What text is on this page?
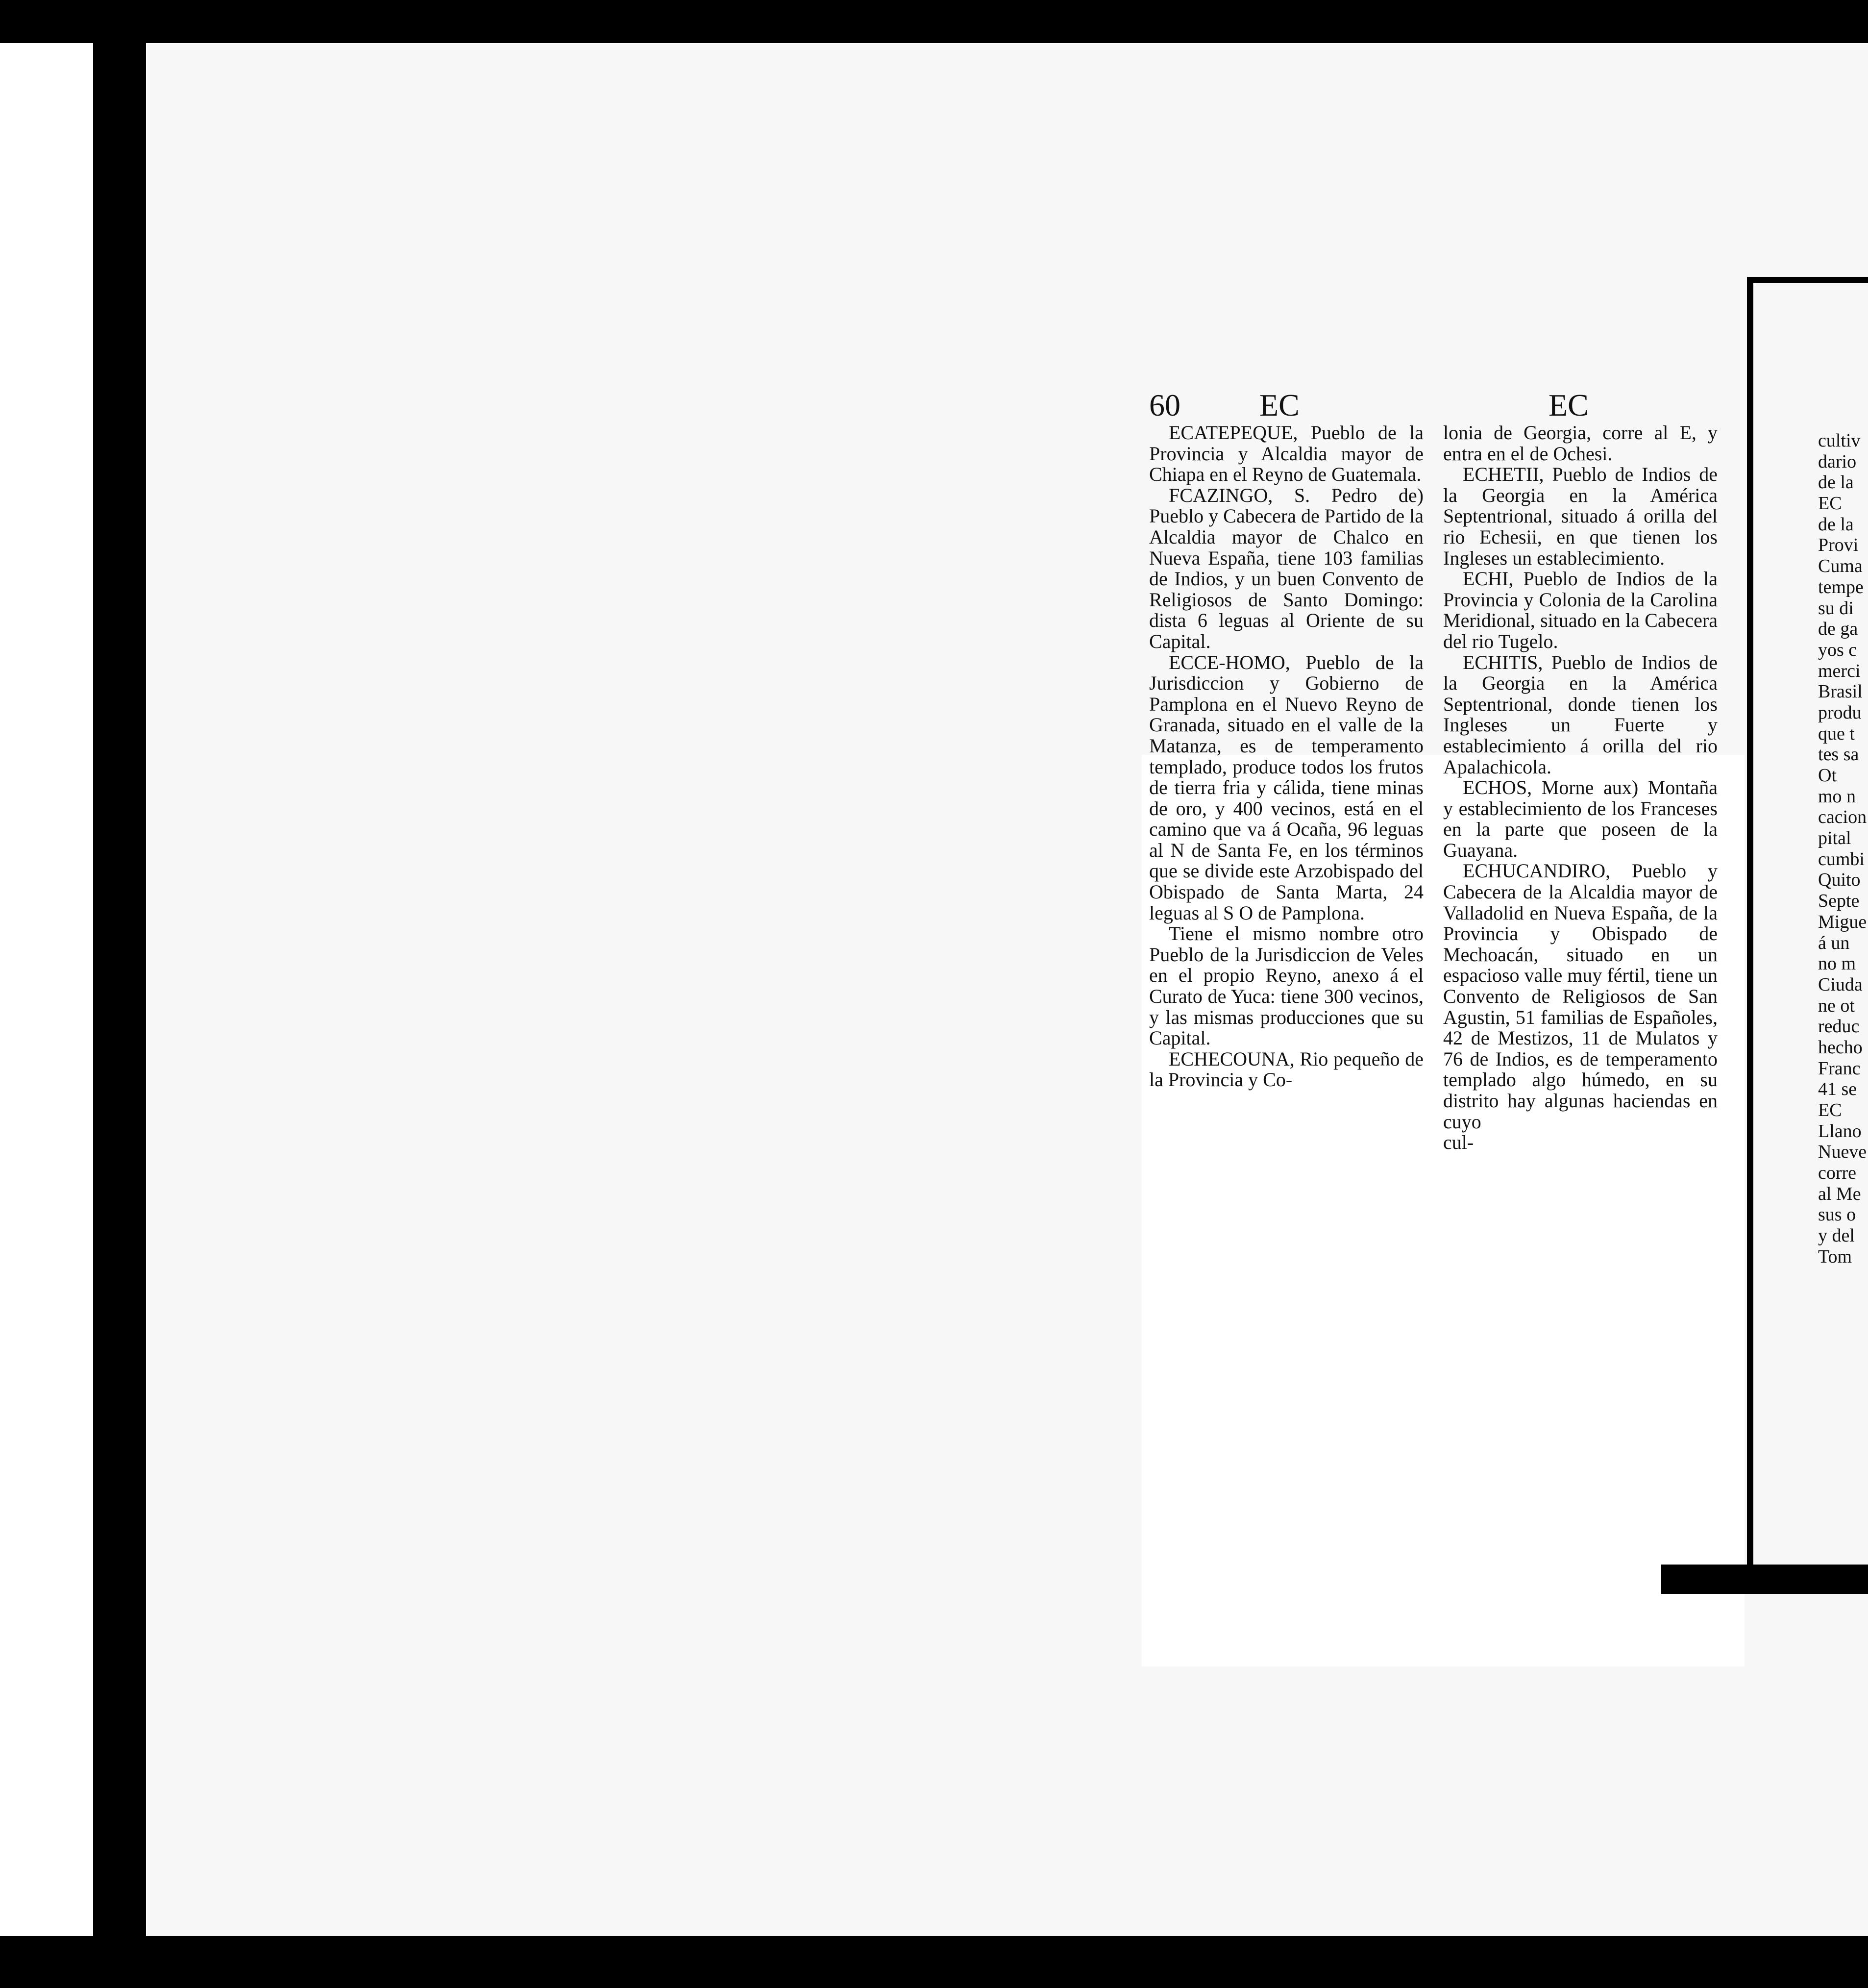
60	EC	EC

ECATEPEQUE, Pueblo de la Provincia y Alcaldia mayor de Chiapa en el Reyno de Guatemala.

FCAZINGO, S. Pedro de) Pueblo y Cabecera de Partido de la Alcaldia mayor de Chalco en Nueva España, tiene 103 familias de Indios, y un buen Convento de Religiosos de Santo Domingo: dista 6 leguas al Oriente de su Capital.

ECCE-HOMO, Pueblo de la Jurisdiccion y Gobierno de Pamplona en el Nuevo Reyno de Granada, situado en el valle de la Matanza, es de temperamento templado, produce todos los frutos de tierra fria y cálida, tiene minas de oro, y 400 vecinos, está en el camino que va á Ocaña, 96 leguas al N de Santa Fe, en los términos que se divide este Arzobispado del Obispado de Santa Marta, 24 leguas al S O de Pamplona.

Tiene el mismo nombre otro Pueblo de la Jurisdiccion de Veles en el propio Reyno, anexo á el Curato de Yuca: tiene 300 vecinos, y las mismas producciones que su Capital.

ECHECOUNA, Rio pequeño de la Provincia y Co-

lonia de Georgia, corre al E, y entra en el de Ochesi.

ECHETII, Pueblo de Indios de la Georgia en la América Septentrional, situado á orilla del rio Echesii, en que tienen los Ingleses un establecimiento.

ECHI, Pueblo de Indios de la Provincia y Colonia de la Carolina Meridional, situado en la Cabecera del rio Tugelo.

ECHITIS, Pueblo de Indios de la Georgia en la América Septentrional, donde tienen los Ingleses un Fuerte y establecimiento á orilla del rio Apalachicola.

ECHOS, Morne aux) Montaña y establecimiento de los Franceses en la parte que poseen de la Guayana.

ECHUCANDIRO, Pueblo y Cabecera de la Alcaldia mayor de Valladolid en Nueva España, de la Provincia y Obispado de Mechoacán, situado en un espacioso valle muy fértil, tiene un Convento de Religiosos de San Agustin, 51 familias de Españoles, 42 de Mestizos, 11 de Mulatos y 76 de Indios, es de temperamento templado algo húmedo, en su distrito hay algunas haciendas en cuyo

cul-

cultiv
dario
de la
EC
de la
Provi
Cuma
tempe
su di
de ga
yos c
merci
Brasil
produ
que t
tes sa
Ot
mo n
cacion
pital
cumbi
Quito
Septe
Migue
á un
no m
Ciuda
ne ot
reduc
hecho
Franc
41 se
EC
Llano
Nueve
corre
al Me
sus o
y del
Tom
